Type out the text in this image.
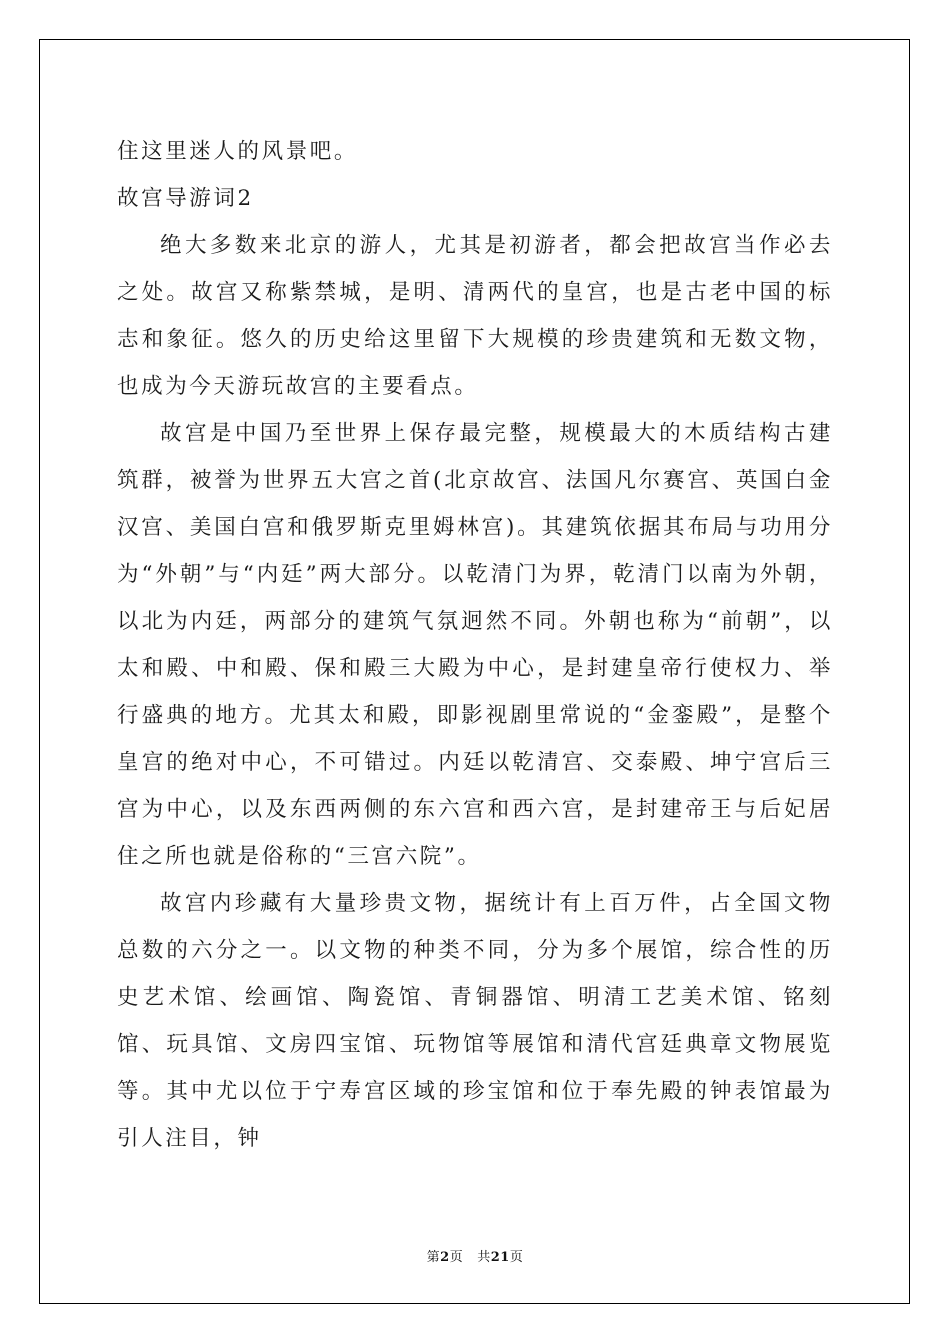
住这里迷人的风景吧。

故宫导游词2

绝大多数来北京的游人，尤其是初游者，都会把故宫当作必去之处。故宫又称紫禁城，是明、清两代的皇宫，也是古老中国的标志和象征。悠久的历史给这里留下大规模的珍贵建筑和无数文物，也成为今天游玩故宫的主要看点。

故宫是中国乃至世界上保存最完整，规模最大的木质结构古建筑群，被誉为世界五大宫之首(北京故宫、法国凡尔赛宫、英国白金汉宫、美国白宫和俄罗斯克里姆林宫)。其建筑依据其布局与功用分为“外朝”与“内廷”两大部分。以乾清门为界，乾清门以南为外朝，以北为内廷，两部分的建筑气氛迥然不同。外朝也称为“前朝”，以太和殿、中和殿、保和殿三大殿为中心，是封建皇帝行使权力、举行盛典的地方。尤其太和殿，即影视剧里常说的“金銮殿”，是整个皇宫的绝对中心，不可错过。内廷以乾清宫、交泰殿、坤宁宫后三宫为中心，以及东西两侧的东六宫和西六宫，是封建帝王与后妃居住之所也就是俗称的“三宫六院”。

故宫内珍藏有大量珍贵文物，据统计有上百万件，占全国文物总数的六分之一。以文物的种类不同，分为多个展馆，综合性的历史艺术馆、绘画馆、陶瓷馆、青铜器馆、明清工艺美术馆、铭刻馆、玩具馆、文房四宝馆、玩物馆等展馆和清代宫廷典章文物展览等。其中尤以位于宁寿宫区域的珍宝馆和位于奉先殿的钟表馆最为引人注目，钟

第2页 共21页
